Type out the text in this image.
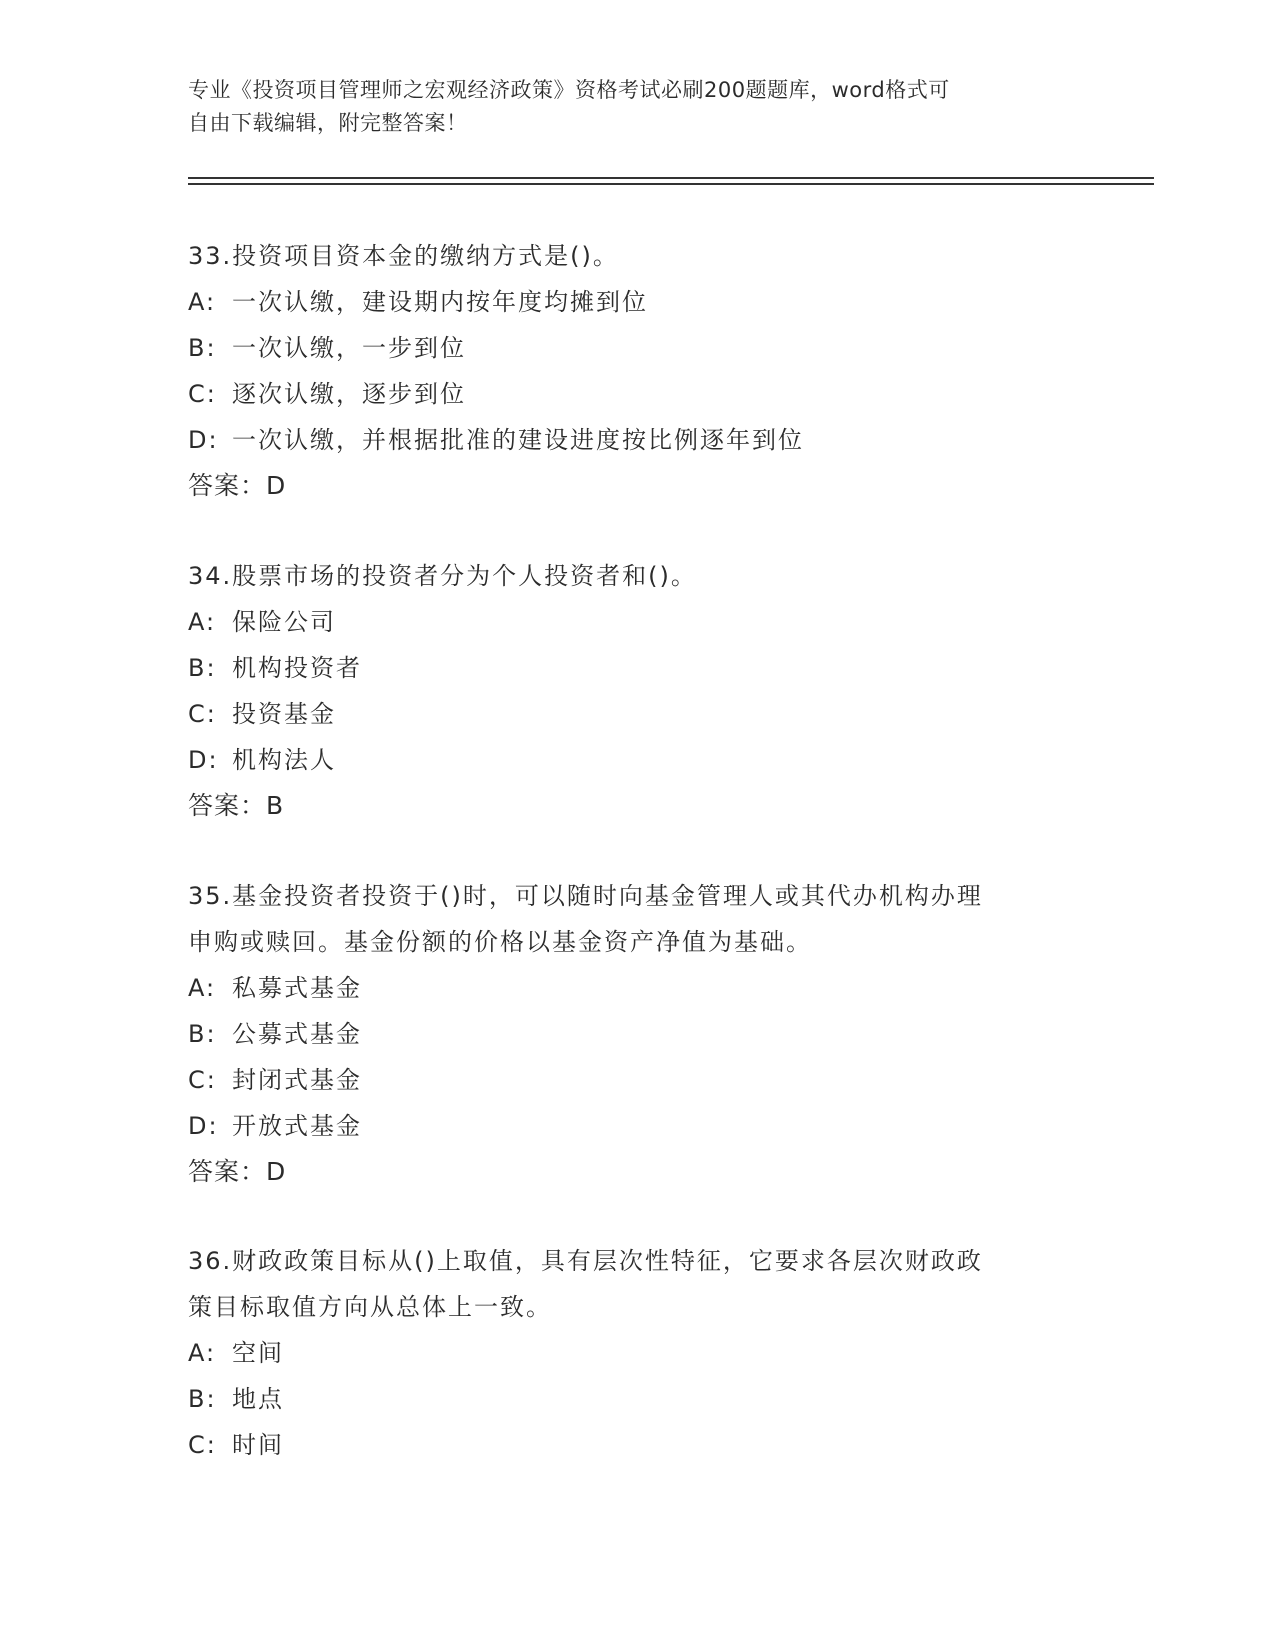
专业《投资项目管理师之宏观经济政策》资格考试必刷200题题库，word格式可
自由下载编辑，附完整答案！

33.投资项目资本金的缴纳方式是()。

A: 一次认缴，建设期内按年度均摊到位

B: 一次认缴，一步到位

C: 逐次认缴，逐步到位

D: 一次认缴，并根据批准的建设进度按比例逐年到位

答案：D

34.股票市场的投资者分为个人投资者和()。

A: 保险公司

B: 机构投资者

C: 投资基金

D: 机构法人

答案：B

35.基金投资者投资于()时，可以随时向基金管理人或其代办机构办理

申购或赎回。基金份额的价格以基金资产净值为基础。

A: 私募式基金

B: 公募式基金

C: 封闭式基金

D: 开放式基金

答案：D

36.财政政策目标从()上取值，具有层次性特征，它要求各层次财政政

策目标取值方向从总体上一致。

A: 空间

B: 地点

C: 时间
